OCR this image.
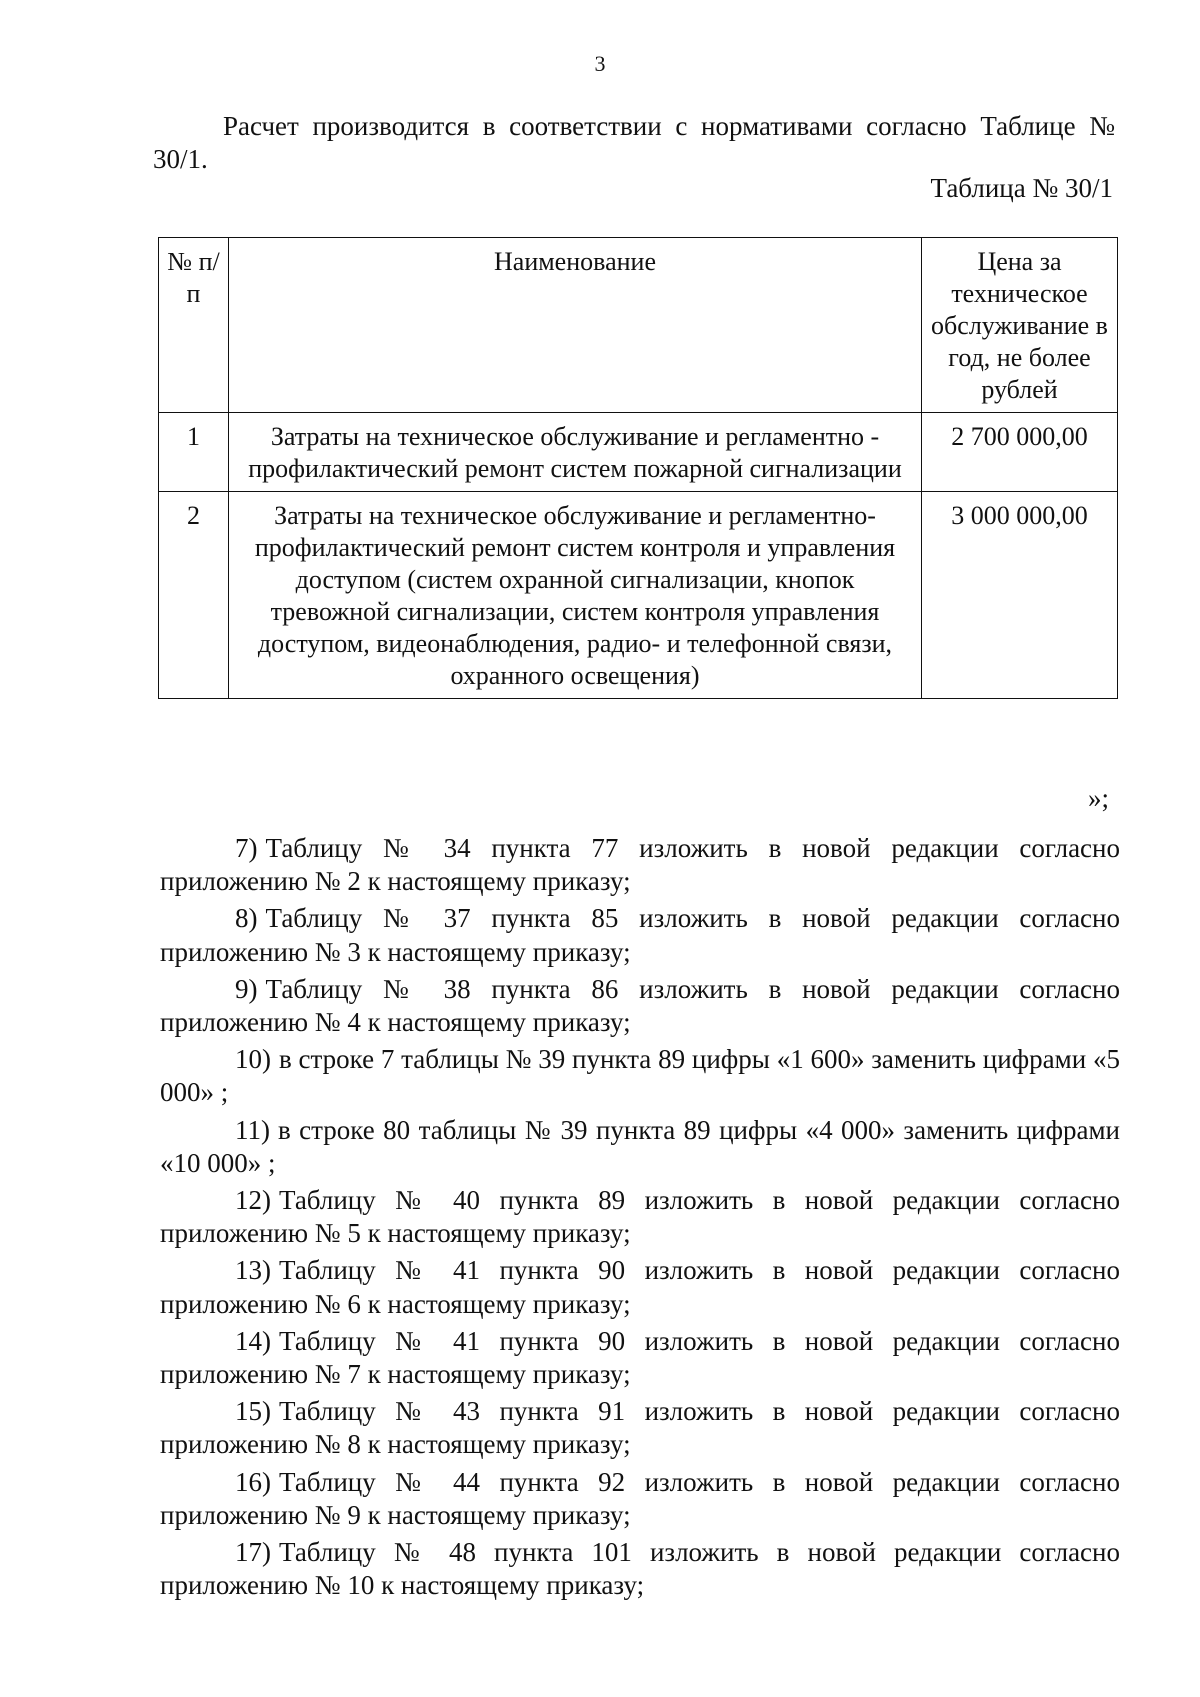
3
Расчет производится в соответствии с нормативами согласно Таблице № 30/1.
Таблица № 30/1
№ п/п	Наименование	Цена за техническое обслуживание в год, не более рублей
1	Затраты на техническое обслуживание и регламентно - профилактический ремонт систем пожарной сигнализации	2 700 000,00
2	Затраты на техническое обслуживание и регламентно-профилактический ремонт систем контроля и управления доступом (систем охранной сигнализации, кнопок тревожной сигнализации, систем контроля управления доступом, видеонаблюдения, радио- и телефонной связи, охранного освещения)	3 000 000,00
»;

7) Таблицу № 34 пункта 77 изложить в новой редакции согласно приложению № 2 к настоящему приказу;

8) Таблицу № 37 пункта 85 изложить в новой редакции согласно приложению № 3 к настоящему приказу;

9) Таблицу № 38 пункта 86 изложить в новой редакции согласно приложению № 4 к настоящему приказу;

10) в строке 7 таблицы № 39 пункта 89 цифры «1 600» заменить цифрами «5 000» ;

11) в строке 80 таблицы № 39 пункта 89 цифры «4 000» заменить цифрами «10 000» ;

12) Таблицу № 40 пункта 89 изложить в новой редакции согласно приложению № 5 к настоящему приказу;

13) Таблицу № 41 пункта 90 изложить в новой редакции согласно приложению № 6 к настоящему приказу;

14) Таблицу № 41 пункта 90 изложить в новой редакции согласно приложению № 7 к настоящему приказу;

15) Таблицу № 43 пункта 91 изложить в новой редакции согласно приложению № 8 к настоящему приказу;

16) Таблицу № 44 пункта 92 изложить в новой редакции согласно приложению № 9 к настоящему приказу;

17) Таблицу № 48 пункта 101 изложить в новой редакции согласно приложению № 10 к настоящему приказу;
